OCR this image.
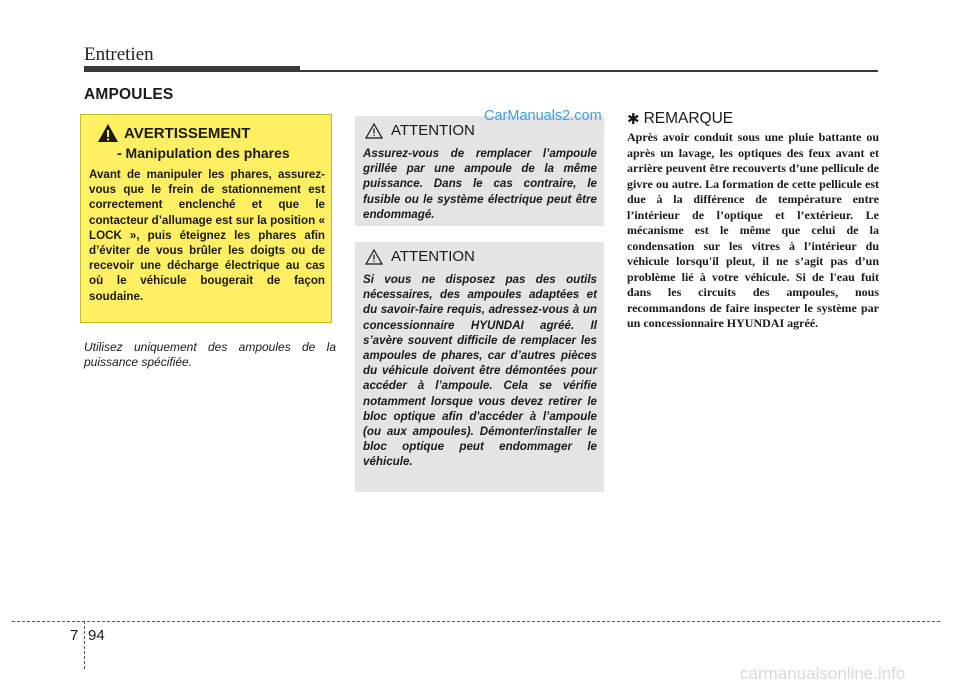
Entretien
AMPOULES
AVERTISSEMENT
- Manipulation des phares
Avant de manipuler les phares, assurez-vous que le frein de stationnement est correctement enclenché et que le contacteur d’allumage est sur la position « LOCK », puis éteignez les phares afin d’éviter de vous brûler les doigts ou de recevoir une décharge électrique au cas où le véhicule bougerait de façon soudaine.
Utilisez uniquement des ampoules de la puissance spécifiée.
ATTENTION
Assurez-vous de remplacer l’ampoule grillée par une ampoule de la même puissance. Dans le cas contraire, le fusible ou le système électrique peut être endommagé.
CarManuals2.com
ATTENTION
Si vous ne disposez pas des outils nécessaires, des ampoules adaptées et du savoir-faire requis, adressez-vous à un concessionnaire HYUNDAI agréé. Il s’avère souvent difficile de remplacer les ampoules de phares, car d’autres pièces du véhicule doivent être démontées pour accéder à l’ampoule. Cela se vérifie notamment lorsque vous devez retirer le bloc optique afin d'accéder à l’ampoule (ou aux ampoules). Démonter/installer le bloc optique peut endommager le véhicule.
✱ REMARQUE
Après avoir conduit sous une pluie battante ou après un lavage, les optiques des feux avant et arrière peuvent être recouverts d’une pellicule de givre ou autre. La formation de cette pellicule est due à la différence de température entre l’intérieur de l’optique et l’extérieur. Le mécanisme est le même que celui de la condensation sur les vitres à l’intérieur du véhicule lorsqu'il pleut, il ne s’agit pas d’un problème lié à votre véhicule. Si de l'eau fuit dans les circuits des ampoules, nous recommandons de faire inspecter le système par un concessionnaire HYUNDAI agréé.
7 94
carmanualsonline.info
